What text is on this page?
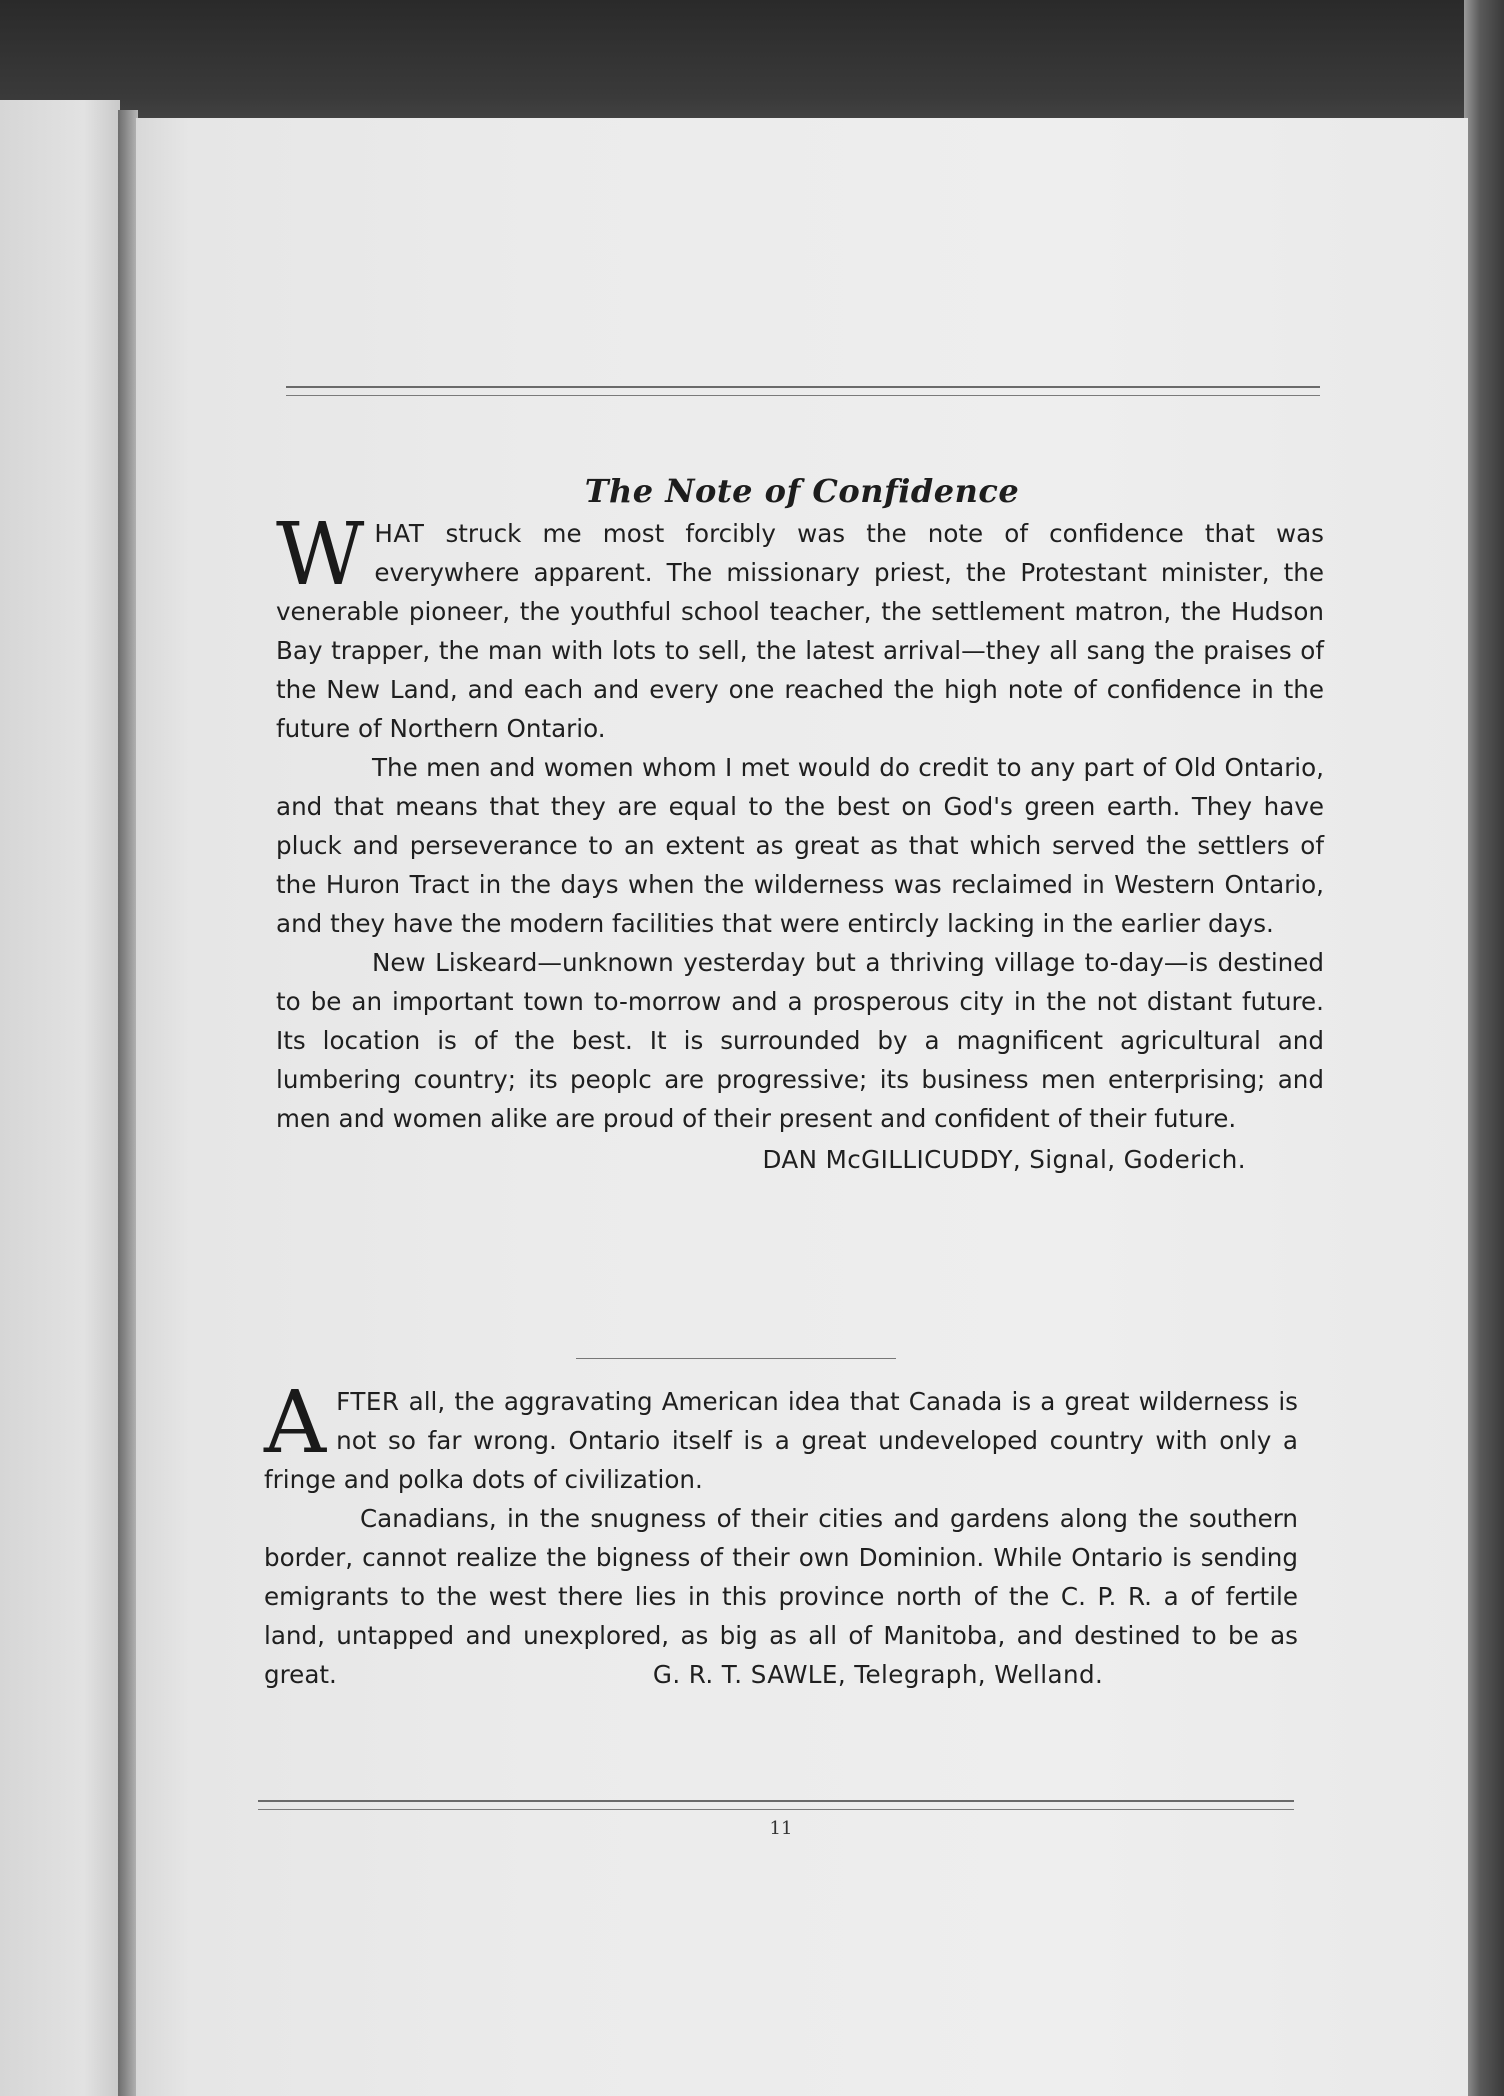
The Note of Confidence

WHAT struck me most forcibly was the note of confidence that was everywhere apparent. The missionary priest, the Protestant minister, the venerable pioneer, the youthful school teacher, the settlement matron, the Hudson Bay trapper, the man with lots to sell, the latest arrival—they all sang the praises of the New Land, and each and every one reached the high note of confidence in the future of Northern Ontario.

The men and women whom I met would do credit to any part of Old Ontario, and that means that they are equal to the best on God's green earth. They have pluck and perseverance to an extent as great as that which served the settlers of the Huron Tract in the days when the wilderness was reclaimed in Western Ontario, and they have the modern facilities that were entircly lacking in the earlier days.

New Liskeard—unknown yesterday but a thriving village to-day—is destined to be an important town to-morrow and a prosperous city in the not distant future. Its location is of the best. It is surrounded by a magnificent agricultural and lumbering country; its peoplc are progressive; its business men enterprising; and men and women alike are proud of their present and confident of their future.

DAN McGILLICUDDY, Signal, Goderich.

AFTER all, the aggravating American idea that Canada is a great wilderness is not so far wrong. Ontario itself is a great undeveloped country with only a fringe and polka dots of civilization.

Canadians, in the snugness of their cities and gardens along the southern border, cannot realize the bigness of their own Dominion. While Ontario is sending emigrants to the west there lies in this province north of the C. P. R. a of fertile land, untapped and unexplored, as big as all of Manitoba, and destined to be as great.	G. R. T. SAWLE, Telegraph, Welland.

11
